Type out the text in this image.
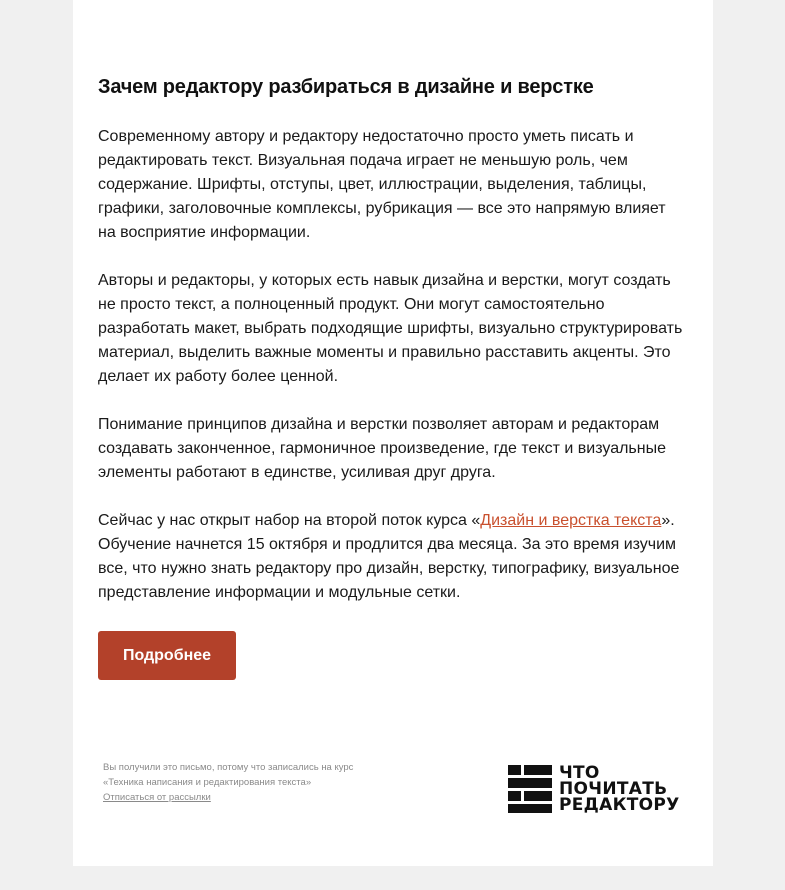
Зачем редактору разбираться в дизайне и верстке

Современному автору и редактору недостаточно просто уметь писать и редактировать текст. Визуальная подача играет не меньшую роль, чем содержание. Шрифты, отступы, цвет, иллюстрации, выделения, таблицы, графики, заголовочные комплексы, рубрикация — все это напрямую влияет на восприятие информации.

Авторы и редакторы, у которых есть навык дизайна и верстки, могут создать не просто текст, а полноценный продукт. Они могут самостоятельно разработать макет, выбрать подходящие шрифты, визуально структурировать материал, выделить важные моменты и правильно расставить акценты. Это делает их работу более ценной.

Понимание принципов дизайна и верстки позволяет авторам и редакторам создавать законченное, гармоничное произведение, где текст и визуальные элементы работают в единстве, усиливая друг друга.

Сейчас у нас открыт набор на второй поток курса «Дизайн и верстка текста». Обучение начнется 15 октября и продлится два месяца. За это время изучим все, что нужно знать редактору про дизайн, верстку, типографику, визуальное представление информации и модульные сетки.

Подробнее
Вы получили это письмо, потому что записались на курс
«Техника написания и редактирования текста»
Отписаться от рассылки
ЧТО
ПОЧИТАТЬ
РЕДАКТОРУ
